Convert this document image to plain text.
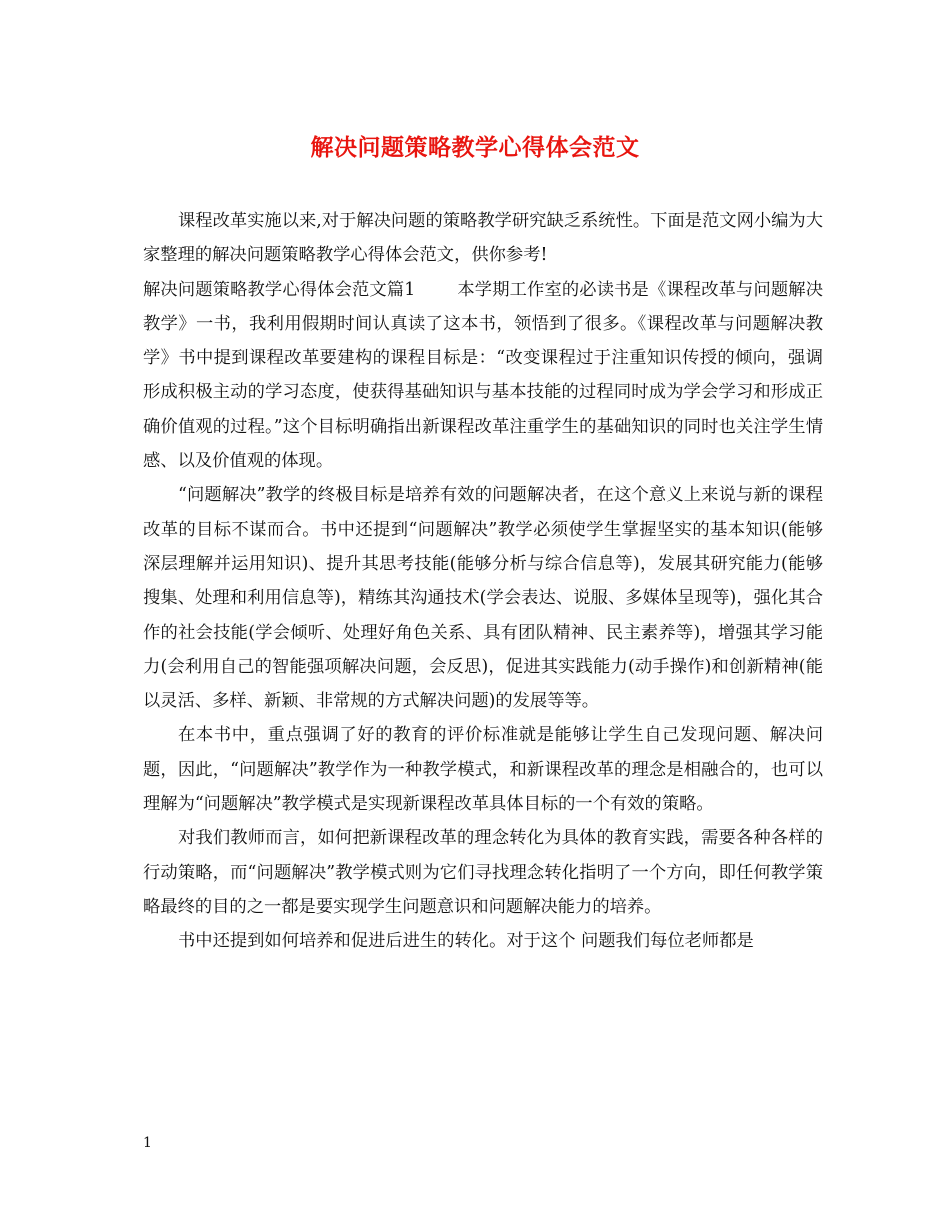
解决问题策略教学心得体会范文

课程改革实施以来,对于解决问题的策略教学研究缺乏系统性。下面是范文网小编为大家整理的解决问题策略教学心得体会范文，供你参考!

解决问题策略教学心得体会范文篇1 本学期工作室的必读书是《课程改革与问题解决教学》一书，我利用假期时间认真读了这本书，领悟到了很多。《课程改革与问题解决教学》书中提到课程改革要建构的课程目标是：“改变课程过于注重知识传授的倾向，强调形成积极主动的学习态度，使获得基础知识与基本技能的过程同时成为学会学习和形成正确价值观的过程。”这个目标明确指出新课程改革注重学生的基础知识的同时也关注学生情感、以及价值观的体现。

“问题解决”教学的终极目标是培养有效的问题解决者，在这个意义上来说与新的课程改革的目标不谋而合。书中还提到“问题解决”教学必须使学生掌握坚实的基本知识(能够深层理解并运用知识)、提升其思考技能(能够分析与综合信息等)，发展其研究能力(能够搜集、处理和利用信息等)，精练其沟通技术(学会表达、说服、多媒体呈现等)，强化其合作的社会技能(学会倾听、处理好角色关系、具有团队精神、民主素养等)，增强其学习能力(会利用自己的智能强项解决问题，会反思)，促进其实践能力(动手操作)和创新精神(能以灵活、多样、新颖、非常规的方式解决问题)的发展等等。

在本书中，重点强调了好的教育的评价标准就是能够让学生自己发现问题、解决问题，因此，“问题解决”教学作为一种教学模式，和新课程改革的理念是相融合的，也可以理解为“问题解决”教学模式是实现新课程改革具体目标的一个有效的策略。

对我们教师而言，如何把新课程改革的理念转化为具体的教育实践，需要各种各样的行动策略，而“问题解决”教学模式则为它们寻找理念转化指明了一个方向，即任何教学策略最终的目的之一都是要实现学生问题意识和问题解决能力的培养。

书中还提到如何培养和促进后进生的转化。对于这个 问题我们每位老师都是

1
